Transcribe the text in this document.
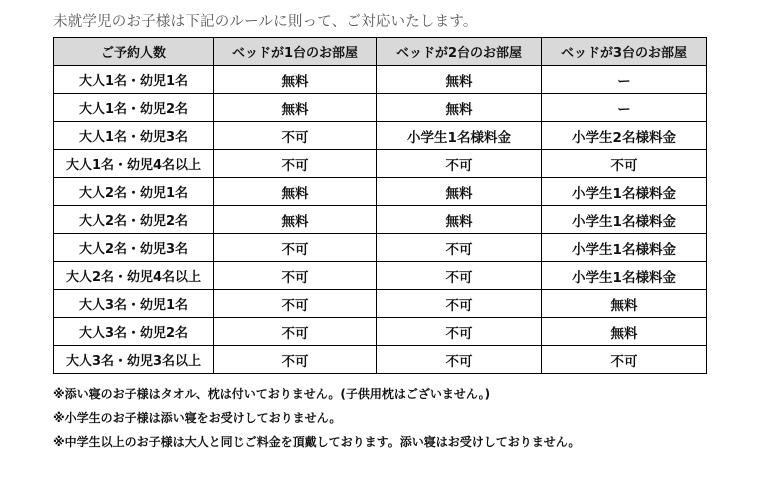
未就学児のお子様は下記のルールに則って、ご対応いたします。
ご予約人数	ベッドが1台のお部屋	ベッドが2台のお部屋	ベッドが3台のお部屋
大人1名・幼児1名	無料	無料	ー
大人1名・幼児2名	無料	無料	ー
大人1名・幼児3名	不可	小学生1名様料金	小学生2名様料金
大人1名・幼児4名以上	不可	不可	不可
大人2名・幼児1名	無料	無料	小学生1名様料金
大人2名・幼児2名	無料	無料	小学生1名様料金
大人2名・幼児3名	不可	不可	小学生1名様料金
大人2名・幼児4名以上	不可	不可	小学生1名様料金
大人3名・幼児1名	不可	不可	無料
大人3名・幼児2名	不可	不可	無料
大人3名・幼児3名以上	不可	不可	不可
※添い寝のお子様はタオル、枕は付いておりません。(子供用枕はございません。)
※小学生のお子様は添い寝をお受けしておりません。
※中学生以上のお子様は大人と同じご料金を頂戴しております。添い寝はお受けしておりません。
